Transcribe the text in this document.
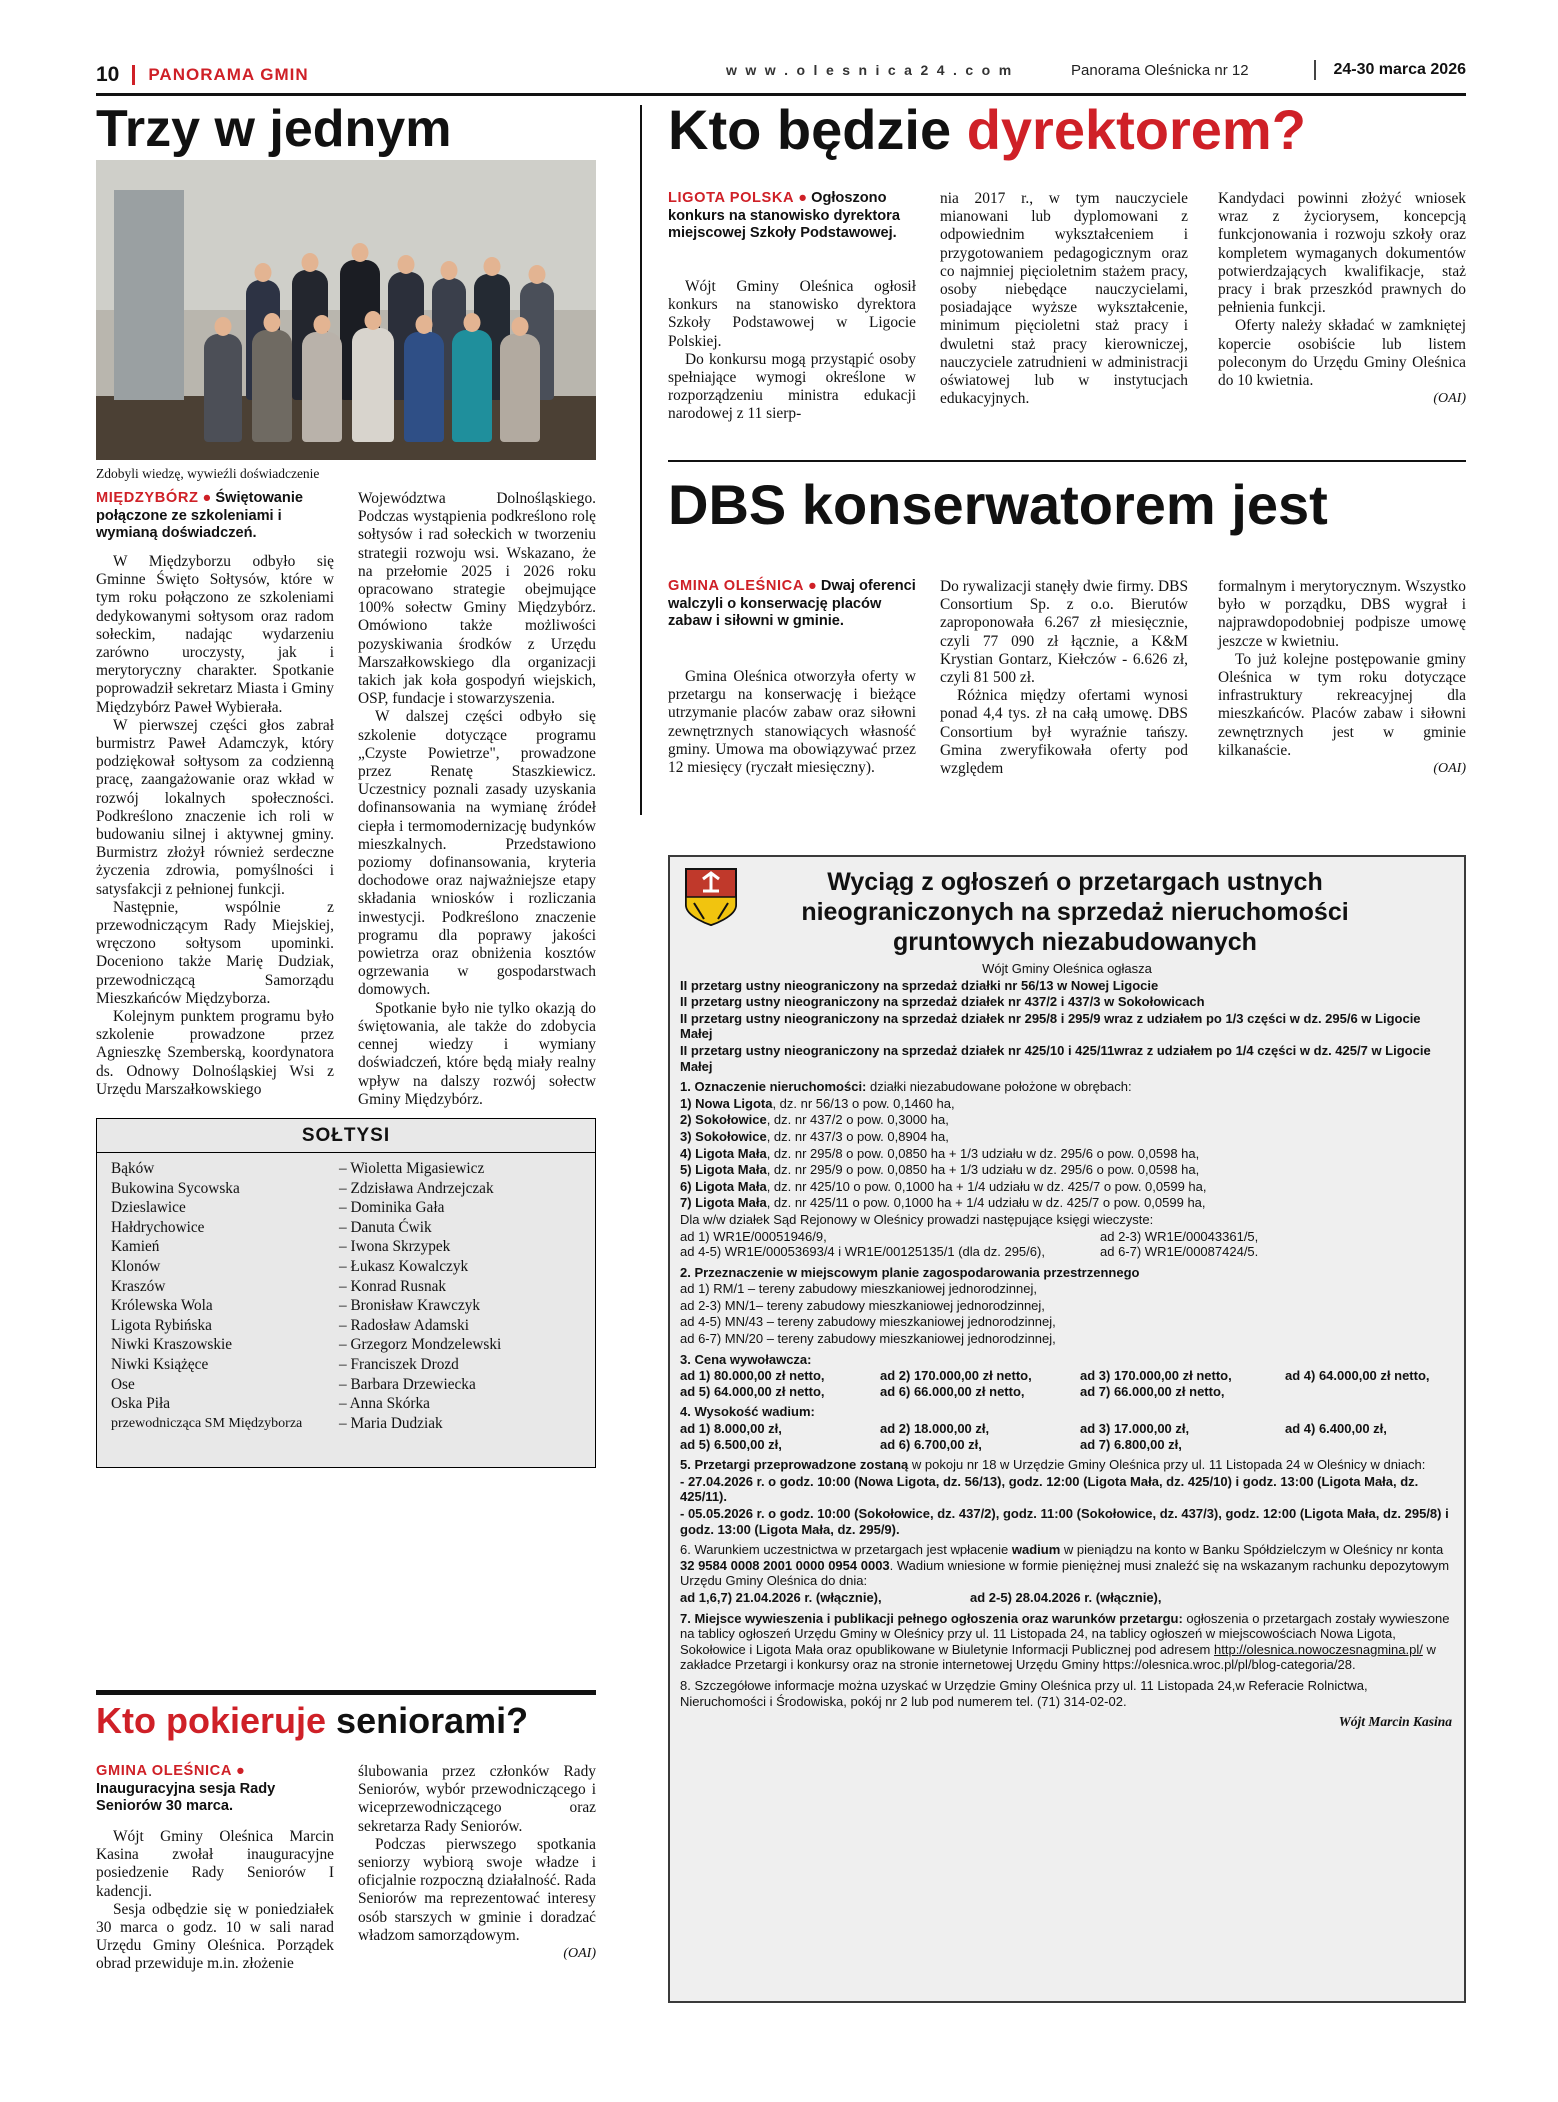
10 PANORAMA GMIN	w w w . o l e s n i c a 2 4 . c o m	Panorama Oleśnicka nr 12	24-30 marca 2026
Trzy w jednym
Zdobyli wiedzę, wywieźli doświadczenie
MIĘDZYBÓRZ ● Świętowanie połączone ze szkoleniami i wymianą doświadczeń.

W Międzyborzu odbyło się Gminne Święto Sołtysów, które w tym roku połączono ze szkoleniami dedykowanymi sołtysom oraz radom sołeckim, nadając wydarzeniu zarówno uroczysty, jak i merytoryczny charakter. Spotkanie poprowadził sekretarz Miasta i Gminy Międzybórz Paweł Wybierała.

W pierwszej części głos zabrał burmistrz Paweł Adamczyk, który podziękował sołtysom za codzienną pracę, zaangażowanie oraz wkład w rozwój lokalnych społeczności. Podkreślono znaczenie ich roli w budowaniu silnej i aktywnej gminy. Burmistrz złożył również serdeczne życzenia zdrowia, pomyślności i satysfakcji z pełnionej funkcji.

Następnie, wspólnie z przewodniczącym Rady Miejskiej, wręczono sołtysom upominki. Doceniono także Marię Dudziak, przewodniczącą Samorządu Mieszkańców Międzyborza.

Kolejnym punktem programu było szkolenie prowadzone przez Agnieszkę Szemberską, koordynatora ds. Odnowy Dolnośląskiej Wsi z Urzędu Marszałkowskiego

Województwa Dolnośląskiego. Podczas wystąpienia podkreślono rolę sołtysów i rad sołeckich w tworzeniu strategii rozwoju wsi. Wskazano, że na przełomie 2025 i 2026 roku opracowano strategie obejmujące 100% sołectw Gminy Międzybórz. Omówiono także możliwości pozyskiwania środków z Urzędu Marszałkowskiego dla organizacji takich jak koła gospodyń wiejskich, OSP, fundacje i stowarzyszenia.

W dalszej części odbyło się szkolenie dotyczące programu „Czyste Powietrze", prowadzone przez Renatę Staszkiewicz. Uczestnicy poznali zasady uzyskania dofinansowania na wymianę źródeł ciepła i termomodernizację budynków mieszkalnych. Przedstawiono poziomy dofinansowania, kryteria dochodowe oraz najważniejsze etapy składania wniosków i rozliczania inwestycji. Podkreślono znaczenie programu dla poprawy jakości powietrza oraz obniżenia kosztów ogrzewania w gospodarstwach domowych.

Spotkanie było nie tylko okazją do świętowania, ale także do zdobycia cennej wiedzy i wymiany doświadczeń, które będą miały realny wpływ na dalszy rozwój sołectw Gminy Międzybórz.

SOŁTYSI
Bąków	– Wioletta Migasiewicz
Bukowina Sycowska	– Zdzisława Andrzejczak
Dzieslawice	– Dominika Gała
Hałdrychowice	– Danuta Ćwik
Kamień	– Iwona Skrzypek
Klonów	– Łukasz Kowalczyk
Kraszów	– Konrad Rusnak
Królewska Wola	– Bronisław Krawczyk
Ligota Rybińska	– Radosław Adamski
Niwki Kraszowskie	– Grzegorz Mondzelewski
Niwki Książęce	– Franciszek Drozd
Ose	– Barbara Drzewiecka
Oska Piła	– Anna Skórka
przewodnicząca SM Międzyborza	– Maria Dudziak
Kto pokieruje seniorami?
GMINA OLEŚNICA ● Inauguracyjna sesja Rady Seniorów 30 marca.

Wójt Gminy Oleśnica Marcin Kasina zwołał inauguracyjne posiedzenie Rady Seniorów I kadencji.

Sesja odbędzie się w poniedziałek 30 marca o godz. 10 w sali narad Urzędu Gminy Oleśnica. Porządek obrad przewiduje m.in. złożenie

ślubowania przez członków Rady Seniorów, wybór przewodniczącego i wiceprzewodniczącego oraz sekretarza Rady Seniorów.

Podczas pierwszego spotkania seniorzy wybiorą swoje władze i oficjalnie rozpoczną działalność. Rada Seniorów ma reprezentować interesy osób starszych w gminie i doradzać władzom samorządowym.

(OAI)

Kto będzie dyrektorem?
LIGOTA POLSKA ● Ogłoszono konkurs na stanowisko dyrektora miejscowej Szkoły Podstawowej.

Wójt Gminy Oleśnica ogłosił konkurs na stanowisko dyrektora Szkoły Podstawowej w Ligocie Polskiej.

Do konkursu mogą przystąpić osoby spełniające wymogi określone w rozporządzeniu ministra edukacji narodowej z 11 sierp-

nia 2017 r., w tym nauczyciele mianowani lub dyplomowani z odpowiednim wykształceniem i przygotowaniem pedagogicznym oraz co najmniej pięcioletnim stażem pracy, osoby niebędące nauczycielami, posiadające wyższe wykształcenie, minimum pięcioletni staż pracy i dwuletni staż pracy kierowniczej, nauczyciele zatrudnieni w administracji oświatowej lub w instytucjach edukacyjnych.

Kandydaci powinni złożyć wniosek wraz z życiorysem, koncepcją funkcjonowania i rozwoju szkoły oraz kompletem wymaganych dokumentów potwierdzających kwalifikacje, staż pracy i brak przeszkód prawnych do pełnienia funkcji.

Oferty należy składać w zamkniętej kopercie osobiście lub listem poleconym do Urzędu Gminy Oleśnica do 10 kwietnia.

(OAI)

DBS konserwatorem jest
GMINA OLEŚNICA ● Dwaj oferenci walczyli o konserwację placów zabaw i siłowni w gminie.

Gmina Oleśnica otworzyła oferty w przetargu na konserwację i bieżące utrzymanie placów zabaw oraz siłowni zewnętrznych stanowiących własność gminy. Umowa ma obowiązywać przez 12 miesięcy (ryczałt miesięczny).

Do rywalizacji stanęły dwie firmy. DBS Consortium Sp. z o.o. Bierutów zaproponowała 6.267 zł miesięcznie, czyli 77 090 zł łącznie, a K&M Krystian Gontarz, Kiełczów - 6.626 zł, czyli 81 500 zł.

Różnica między ofertami wynosi ponad 4,4 tys. zł na całą umowę. DBS Consortium był wyraźnie tańszy. Gmina zweryfikowała oferty pod względem

formalnym i merytorycznym. Wszystko było w porządku, DBS wygrał i najprawdopodobniej podpisze umowę jeszcze w kwietniu.

To już kolejne postępowanie gminy Oleśnica w tym roku dotyczące infrastruktury rekreacyjnej dla mieszkańców. Placów zabaw i siłowni zewnętrznych jest w gminie kilkanaście.

(OAI)

Wyciąg z ogłoszeń o przetargach ustnych
nieograniczonych na sprzedaż nieruchomości
gruntowych niezabudowanych

Wójt Gminy Oleśnica ogłasza

II przetarg ustny nieograniczony na sprzedaż działki nr 56/13 w Nowej Ligocie

II przetarg ustny nieograniczony na sprzedaż działek nr 437/2 i 437/3 w Sokołowicach

II przetarg ustny nieograniczony na sprzedaż działek nr 295/8 i 295/9 wraz z udziałem po 1/3 części w dz. 295/6 w Ligocie Małej

II przetarg ustny nieograniczony na sprzedaż działek nr 425/10 i 425/11wraz z udziałem po 1/4 części w dz. 425/7 w Ligocie Małej

1. Oznaczenie nieruchomości: działki niezabudowane położone w obrębach:

1) Nowa Ligota, dz. nr 56/13 o pow. 0,1460 ha,

2) Sokołowice, dz. nr 437/2 o pow. 0,3000 ha,

3) Sokołowice, dz. nr 437/3 o pow. 0,8904 ha,

4) Ligota Mała, dz. nr 295/8 o pow. 0,0850 ha + 1/3 udziału w dz. 295/6 o pow. 0,0598 ha,

5) Ligota Mała, dz. nr 295/9 o pow. 0,0850 ha + 1/3 udziału w dz. 295/6 o pow. 0,0598 ha,

6) Ligota Mała, dz. nr 425/10 o pow. 0,1000 ha + 1/4 udziału w dz. 425/7 o pow. 0,0599 ha,

7) Ligota Mała, dz. nr 425/11 o pow. 0,1000 ha + 1/4 udziału w dz. 425/7 o pow. 0,0599 ha,

Dla w/w działek Sąd Rejonowy w Oleśnicy prowadzi następujące księgi wieczyste:

ad 1) WR1E/00051946/9,	ad 2-3) WR1E/00043361/5,
ad 4-5) WR1E/00053693/4 i WR1E/00125135/1 (dla dz. 295/6),	ad 6-7) WR1E/00087424/5.

2. Przeznaczenie w miejscowym planie zagospodarowania przestrzennego

ad 1) RM/1 – tereny zabudowy mieszkaniowej jednorodzinnej,

ad 2-3) MN/1– tereny zabudowy mieszkaniowej jednorodzinnej,

ad 4-5) MN/43 – tereny zabudowy mieszkaniowej jednorodzinnej,

ad 6-7) MN/20 – tereny zabudowy mieszkaniowej jednorodzinnej,

3. Cena wywoławcza:

ad 1) 80.000,00 zł netto,	ad 2) 170.000,00 zł netto,	ad 3) 170.000,00 zł netto,	ad 4) 64.000,00 zł netto,
ad 5) 64.000,00 zł netto,	ad 6) 66.000,00 zł netto,	ad 7) 66.000,00 zł netto,

4. Wysokość wadium:

ad 1) 8.000,00 zł,	ad 2) 18.000,00 zł,	ad 3) 17.000,00 zł,	ad 4) 6.400,00 zł,
ad 5) 6.500,00 zł,	ad 6) 6.700,00 zł,	ad 7) 6.800,00 zł,

5. Przetargi przeprowadzone zostaną w pokoju nr 18 w Urzędzie Gminy Oleśnica przy ul. 11 Listopada 24 w Oleśnicy w dniach:

- 27.04.2026 r. o godz. 10:00 (Nowa Ligota, dz. 56/13), godz. 12:00 (Ligota Mała, dz. 425/10) i godz. 13:00 (Ligota Mała, dz. 425/11).

- 05.05.2026 r. o godz. 10:00 (Sokołowice, dz. 437/2), godz. 11:00 (Sokołowice, dz. 437/3), godz. 12:00 (Ligota Mała, dz. 295/8) i godz. 13:00 (Ligota Mała, dz. 295/9).

6. Warunkiem uczestnictwa w przetargach jest wpłacenie wadium w pieniądzu na konto w Banku Spółdzielczym w Oleśnicy nr konta 32 9584 0008 2001 0000 0954 0003. Wadium wniesione w formie pieniężnej musi znaleźć się na wskazanym rachunku depozytowym Urzędu Gminy Oleśnica do dnia:

ad 1,6,7) 21.04.2026 r. (włącznie),	ad 2-5) 28.04.2026 r. (włącznie),

7. Miejsce wywieszenia i publikacji pełnego ogłoszenia oraz warunków przetargu: ogłoszenia o przetargach zostały wywieszone na tablicy ogłoszeń Urzędu Gminy w Oleśnicy przy ul. 11 Listopada 24, na tablicy ogłoszeń w miejscowościach Nowa Ligota, Sokołowice i Ligota Mała oraz opublikowane w Biuletynie Informacji Publicznej pod adresem http://olesnica.nowoczesnagmina.pl/ w zakładce Przetargi i konkursy oraz na stronie internetowej Urzędu Gminy https://olesnica.wroc.pl/pl/blog-categoria/28.

8. Szczegółowe informacje można uzyskać w Urzędzie Gminy Oleśnica przy ul. 11 Listopada 24,w Referacie Rolnictwa, Nieruchomości i Środowiska, pokój nr 2 lub pod numerem tel. (71) 314-02-02.

Wójt Marcin Kasina
